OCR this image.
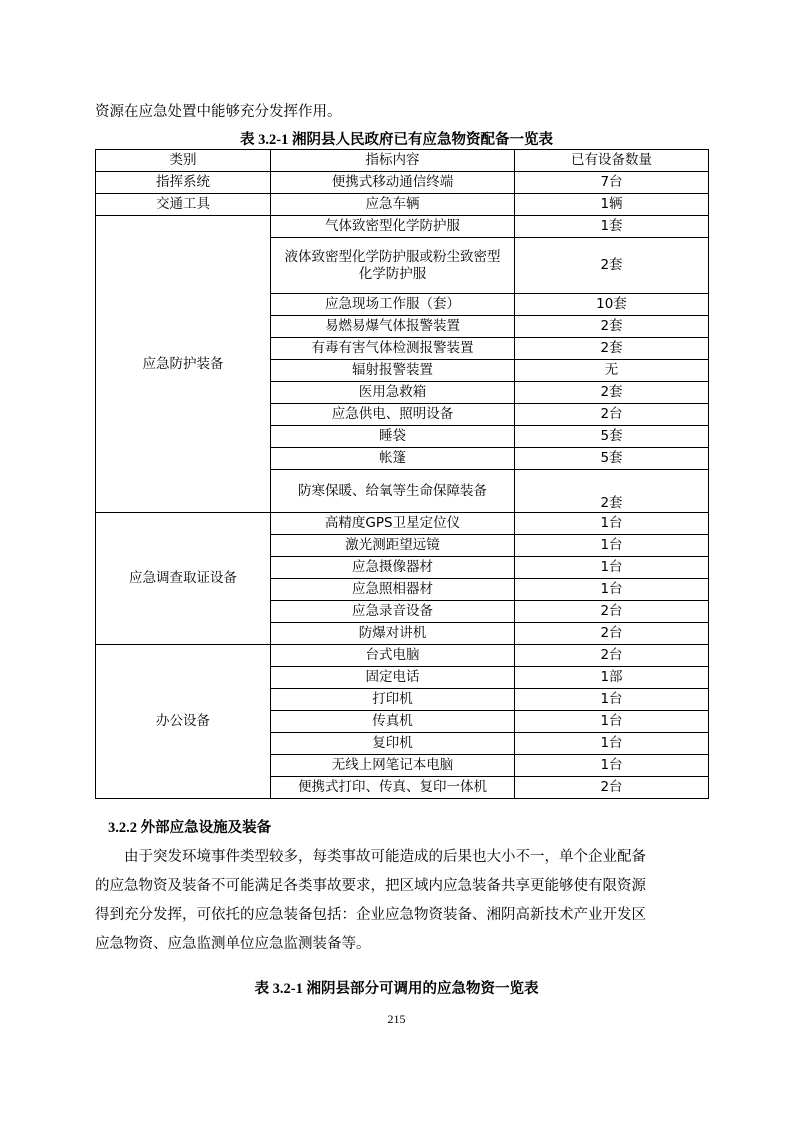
资源在应急处置中能够充分发挥作用。
表 3.2-1 湘阴县人民政府已有应急物资配备一览表
类别	指标内容	已有设备数量
指挥系统	便携式移动通信终端	7台
交通工具	应急车辆	1辆
应急防护装备	气体致密型化学防护服	1套
	液体致密型化学防护服或粉尘致密型化学防护服	2套
	应急现场工作服（套）	10套
	易燃易爆气体报警装置	2套
	有毒有害气体检测报警装置	2套
	辐射报警装置	无
	医用急救箱	2套
	应急供电、照明设备	2台
	睡袋	5套
	帐篷	5套
	防寒保暖、给氧等生命保障装备	2套
应急调查取证设备	高精度GPS卫星定位仪	1台
	激光测距望远镜	1台
	应急摄像器材	1台
	应急照相器材	1台
	应急录音设备	2台
	防爆对讲机	2台
办公设备	台式电脑	2台
	固定电话	1部
	打印机	1台
	传真机	1台
	复印机	1台
	无线上网笔记本电脑	1台
	便携式打印、传真、复印一体机	2台
3.2.2 外部应急设施及装备
由于突发环境事件类型较多，每类事故可能造成的后果也大小不一，单个企业配备
的应急物资及装备不可能满足各类事故要求，把区域内应急装备共享更能够使有限资源
得到充分发挥，可依托的应急装备包括：企业应急物资装备、湘阴高新技术产业开发区
应急物资、应急监测单位应急监测装备等。
表 3.2-1 湘阴县部分可调用的应急物资一览表
215
